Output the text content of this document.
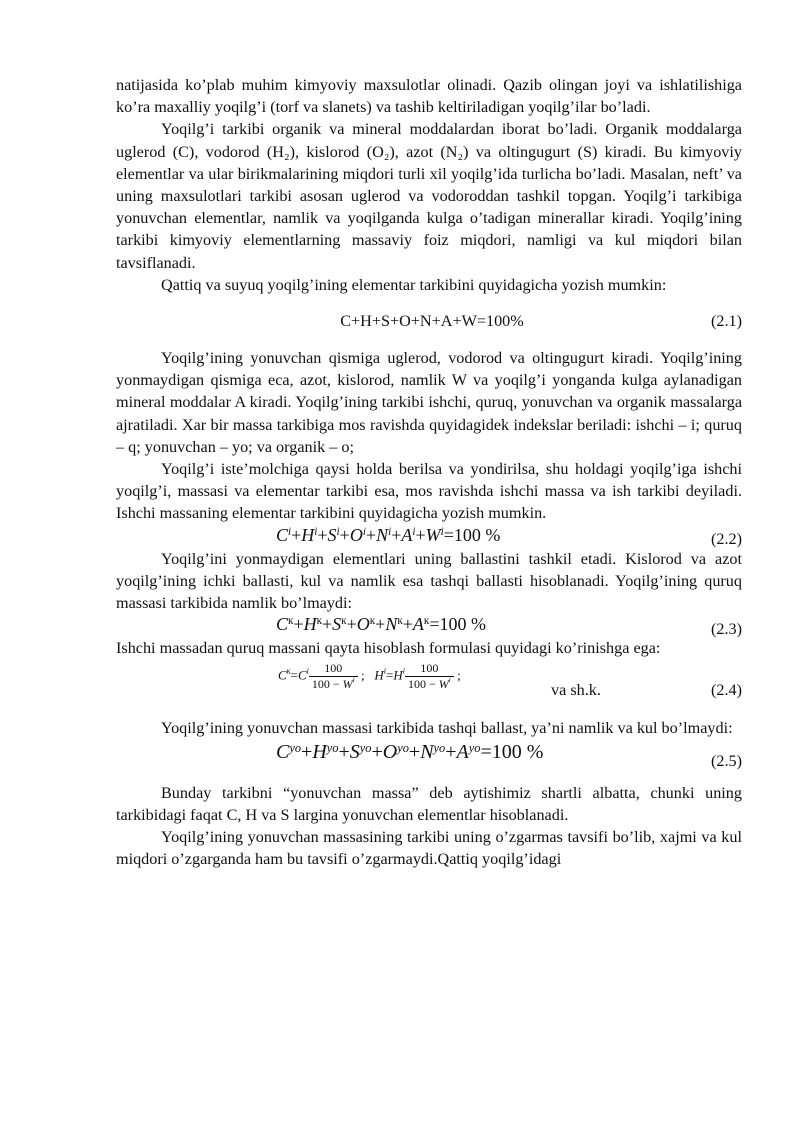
natijasida ko’plab muhim kimyoviy maxsulotlar olinadi. Qazib olingan joyi va ishlatilishiga ko’ra maxalliy yoqilg’i (torf va slanets) va tashib keltiriladigan yoqilg’ilar bo’ladi.

Yoqilg’i tarkibi organik va mineral moddalardan iborat bo’ladi. Organik moddalarga uglerod (C), vodorod (H₂), kislorod (O₂), azot (N₂) va oltingugurt (S) kiradi. Bu kimyoviy elementlar va ular birikmalarining miqdori turli xil yoqilg’ida turlicha bo’ladi. Masalan, neft’ va uning maxsulotlari tarkibi asosan uglerod va vodoroddan tashkil topgan. Yoqilg’i tarkibiga yonuvchan elementlar, namlik va yoqilganda kulga o’tadigan minerallar kiradi. Yoqilg’ining tarkibi kimyoviy elementlarning massaviy foiz miqdori, namligi va kul miqdori bilan tavsiflanadi.

Qattiq va suyuq yoqilg’ining elementar tarkibini quyidagicha yozish mumkin:

C+H+S+O+N+A+W=100%	(2.1)

Yoqilg’ining yonuvchan qismiga uglerod, vodorod va oltingugurt kiradi. Yoqilg’ining yonmaydigan qismiga eca, azot, kislorod, namlik W va yoqilg’i yonganda kulga aylanadigan mineral moddalar A kiradi. Yoqilg’ining tarkibi ishchi, quruq, yonuvchan va organik massalarga ajratiladi. Xar bir massa tarkibiga mos ravishda quyidagidek indekslar beriladi: ishchi – i; quruq – q; yonuvchan – yo; va organik – o;

Yoqilg’i iste’molchiga qaysi holda berilsa va yondirilsa, shu holdagi yoqilg’iga ishchi yoqilg’i, massasi va elementar tarkibi esa, mos ravishda ishchi massa va ish tarkibi deyiladi. Ishchi massaning elementar tarkibini quyidagicha yozish mumkin.

$C^i+H^i+S^i+O^i+N^i+A^i+W^i=100$ %	(2.2)

Yoqilg’ini yonmaydigan elementlari uning ballastini tashkil etadi. Kislorod va azot yoqilg’ining ichki ballasti, kul va namlik esa tashqi ballasti hisoblanadi. Yoqilg’ining quruq massasi tarkibida namlik bo’lmaydi:

$C^к+H^к+S^к+O^к+N^к+A^к=100$ %	(2.3)

Ishchi massadan quruq massani qayta hisoblash formulasi quyidagi ko’rinishga ega:

$C^к=C^i \frac{100}{100 - W^i}$ ;   $H^i=H^i \frac{100}{100 - W^i}$ ;
va sh.k.	(2.4)

Yoqilg’ining yonuvchan massasi tarkibida tashqi ballast, ya’ni namlik va kul bo’lmaydi:

$C^{yo}+H^{yo}+S^{yo}+O^{yo}+N^{yo}+A^{yo}=100$ %	(2.5)

Bunday tarkibni “yonuvchan massa” deb aytishimiz shartli albatta, chunki uning tarkibidagi faqat C, H va S largina yonuvchan elementlar hisoblanadi.

Yoqilg’ining yonuvchan massasining tarkibi uning o’zgarmas tavsifi bo’lib, xajmi va kul miqdori o’zgarganda ham bu tavsifi o’zgarmaydi.Qattiq yoqilg’idagi
